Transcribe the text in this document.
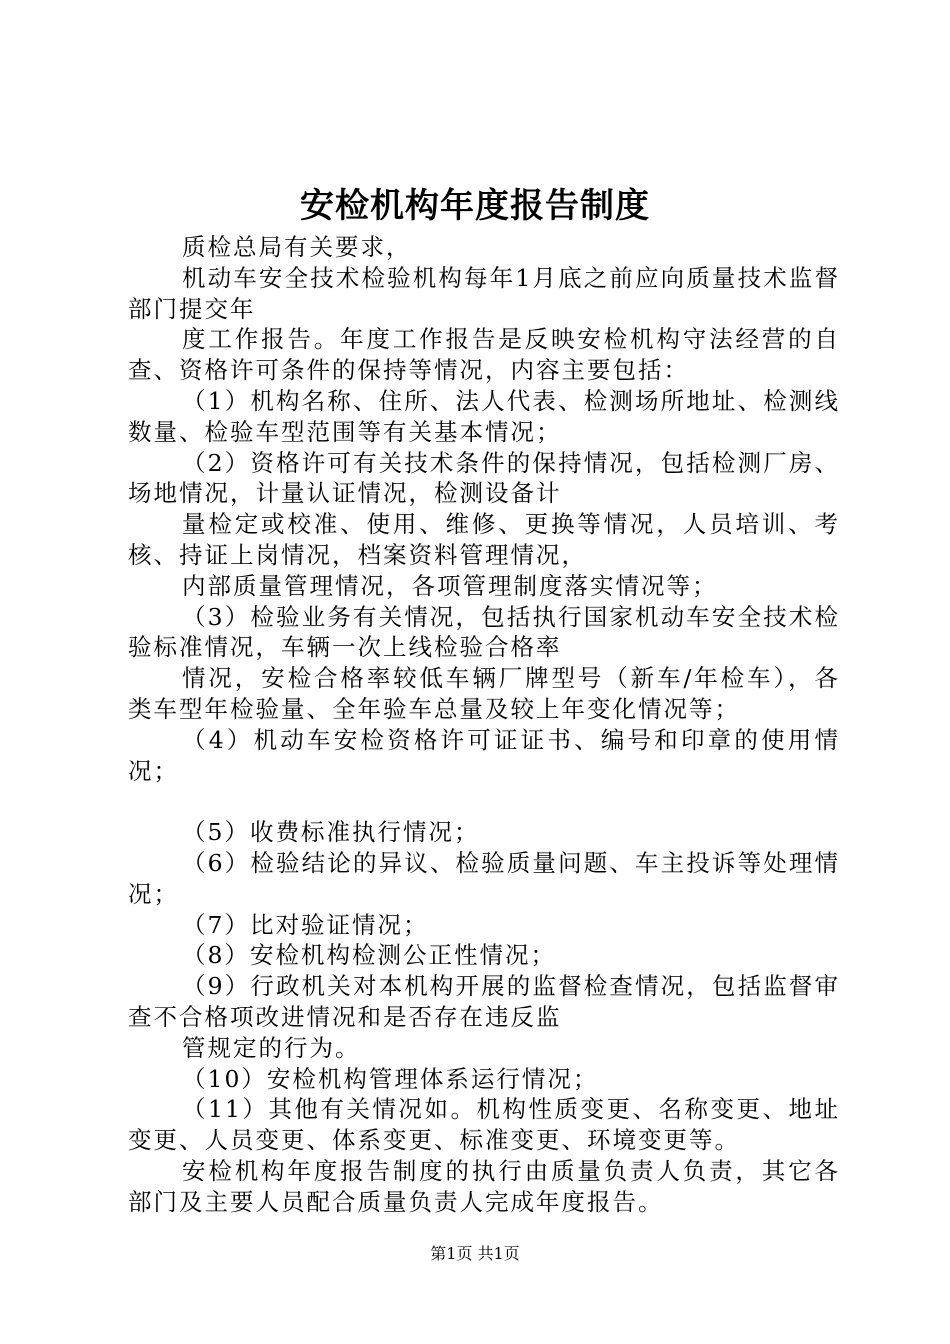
安检机构年度报告制度

质检总局有关要求，

机动车安全技术检验机构每年1月底之前应向质量技术监督部门提交年

度工作报告。年度工作报告是反映安检机构守法经营的自查、资格许可条件的保持等情况，内容主要包括：

（1）机构名称、住所、法人代表、检测场所地址、检测线数量、检验车型范围等有关基本情况；

（2）资格许可有关技术条件的保持情况，包括检测厂房、场地情况，计量认证情况，检测设备计

量检定或校准、使用、维修、更换等情况，人员培训、考核、持证上岗情况，档案资料管理情况，

内部质量管理情况，各项管理制度落实情况等；

（3）检验业务有关情况，包括执行国家机动车安全技术检验标准情况，车辆一次上线检验合格率

情况，安检合格率较低车辆厂牌型号（新车/年检车），各类车型年检验量、全年验车总量及较上年变化情况等；

（4）机动车安检资格许可证证书、编号和印章的使用情况；

（5）收费标准执行情况；

（6）检验结论的异议、检验质量问题、车主投诉等处理情况；

（7）比对验证情况；

（8）安检机构检测公正性情况；

（9）行政机关对本机构开展的监督检查情况，包括监督审查不合格项改进情况和是否存在违反监

管规定的行为。

（10）安检机构管理体系运行情况；

（11）其他有关情况如。机构性质变更、名称变更、地址变更、人员变更、体系变更、标准变更、环境变更等。

安检机构年度报告制度的执行由质量负责人负责，其它各部门及主要人员配合质量负责人完成年度报告。

第1页 共1页
